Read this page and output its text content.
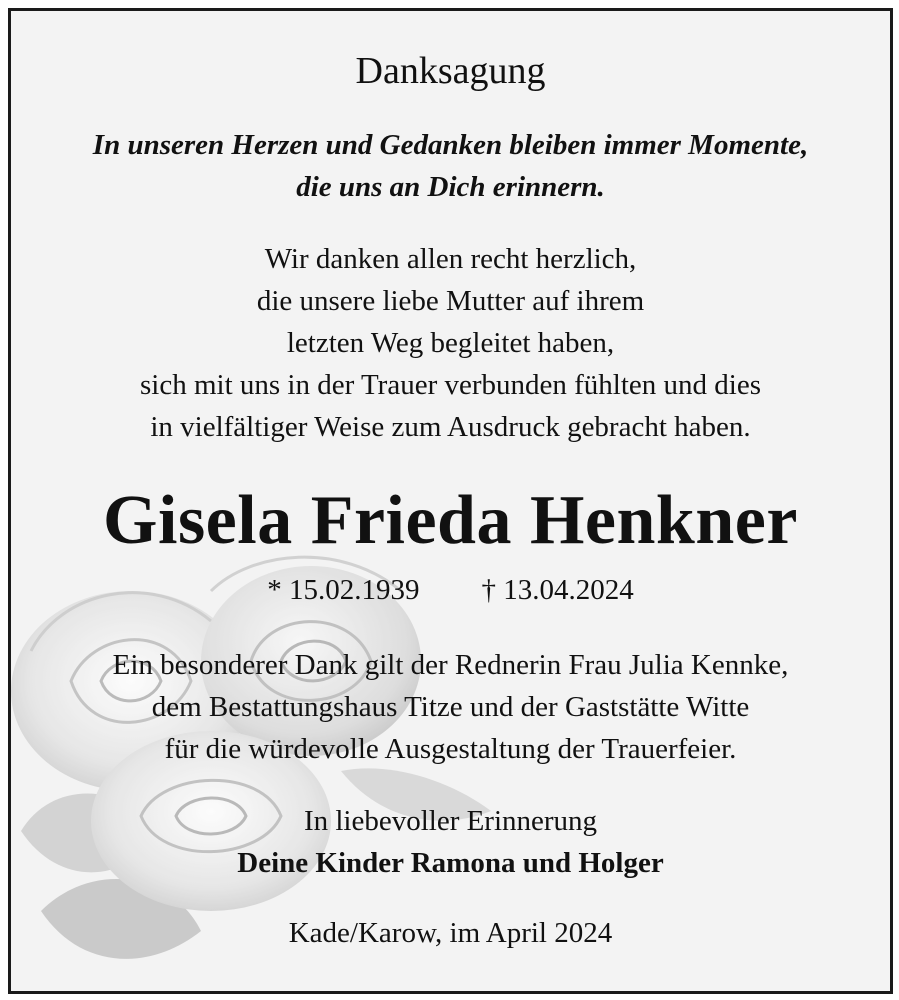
Danksagung
In unseren Herzen und Gedanken bleiben immer Momente,
die uns an Dich erinnern.
Wir danken allen recht herzlich,
die unsere liebe Mutter auf ihrem
letzten Weg begleitet haben,
sich mit uns in der Trauer verbunden fühlten und dies
in vielfältiger Weise zum Ausdruck gebracht haben.
Gisela Frieda Henkner
* 15.02.1939 † 13.04.2024
Ein besonderer Dank gilt der Rednerin Frau Julia Kennke,
dem Bestattungshaus Titze und der Gaststätte Witte
für die würdevolle Ausgestaltung der Trauerfeier.
In liebevoller Erinnerung
Deine Kinder Ramona und Holger
Kade/Karow, im April 2024
